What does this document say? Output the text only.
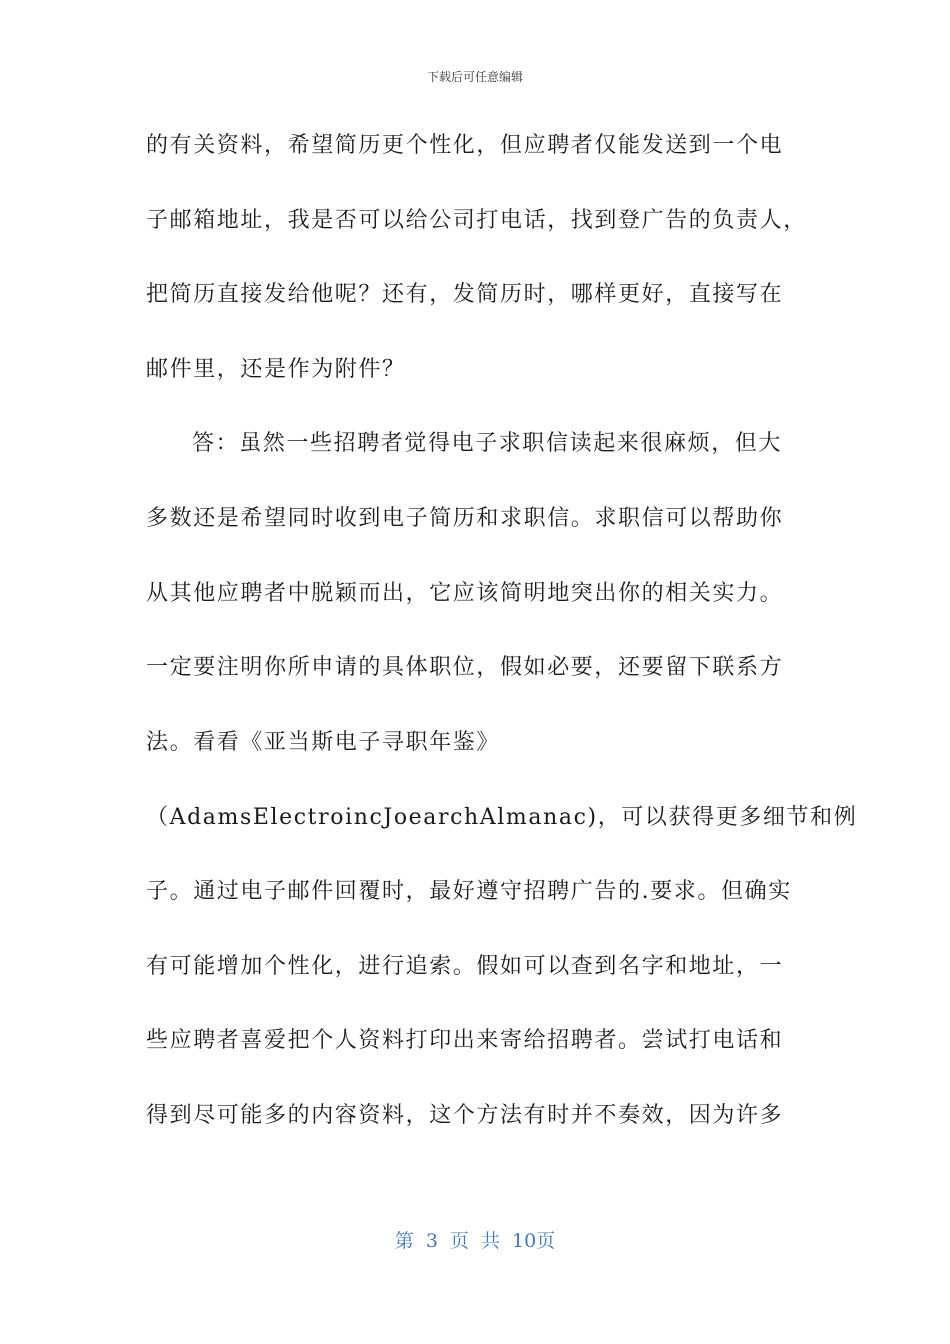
下载后可任意编辑
的有关资料，希望简历更个性化，但应聘者仅能发送到一个电
子邮箱地址，我是否可以给公司打电话，找到登广告的负责人，
把简历直接发给他呢？还有，发简历时，哪样更好，直接写在
邮件里，还是作为附件？
答：虽然一些招聘者觉得电子求职信读起来很麻烦，但大
多数还是希望同时收到电子简历和求职信。求职信可以帮助你
从其他应聘者中脱颖而出，它应该简明地突出你的相关实力。
一定要注明你所申请的具体职位，假如必要，还要留下联系方
法。看看《亚当斯电子寻职年鉴》
（AdamsElectroincJoearchAlmanac)，可以获得更多细节和例
子。通过电子邮件回覆时，最好遵守招聘广告的.要求。但确实
有可能增加个性化，进行追索。假如可以查到名字和地址，一
些应聘者喜爱把个人资料打印出来寄给招聘者。尝试打电话和
得到尽可能多的内容资料，这个方法有时并不奏效，因为许多
第 3 页 共 10页
